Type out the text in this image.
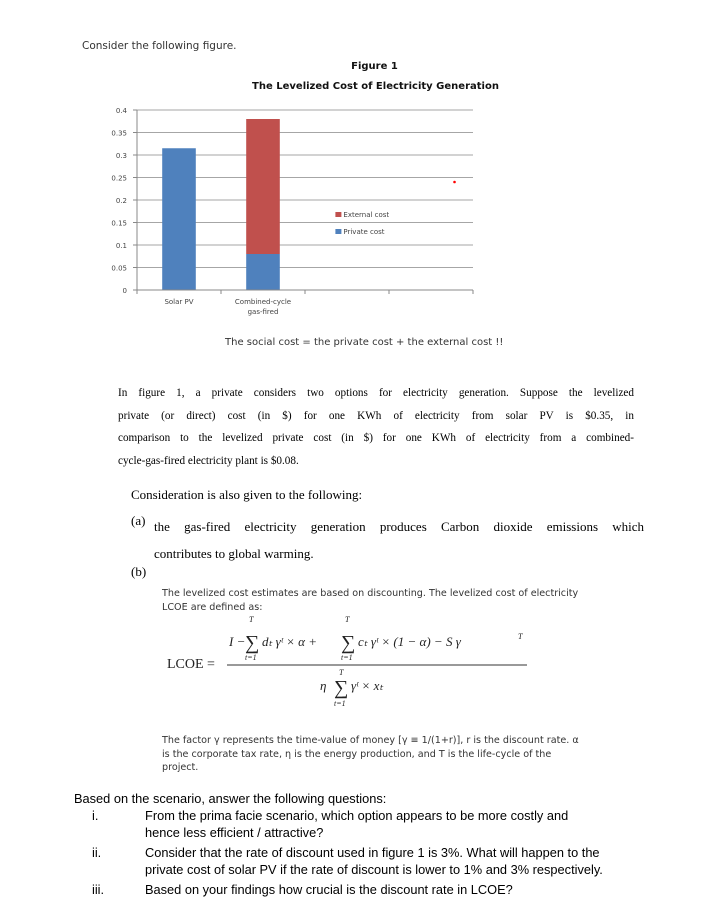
Consider the following figure.
Figure 1
The Levelized Cost of Electricity Generation
0
0.05
0.1
0.15
0.2
0.25
0.3
0.35
0.4
Solar PV	Combined-cycle
gas-fired
External cost
Private cost
The social cost = the private cost + the external cost !!
In figure 1, a private considers two options for electricity generation. Suppose the levelized
private (or direct) cost (in $) for one KWh of electricity from solar PV is $0.35, in
comparison to the levelized private cost (in $) for one KWh of electricity from a combined-
cycle-gas-fired electricity plant is $0.08.
Consideration is also given to the following:
(a) the gas-fired electricity generation produces Carbon dioxide emissions which
contributes to global warming.
(b)
The levelized cost estimates are based on discounting. The levelized cost of electricity
LCOE are defined as:
LCOE =
I −
T
∑
t=1
dₜ γᵗ × α +
T
∑
t=1
cₜ γᵗ × (1 − α) − S γ	T
η
T
∑
t=1
γᵗ × xₜ
The factor γ represents the time-value of money [γ ≡ 1/(1+r)], r is the discount rate. α
is the corporate tax rate, η is the energy production, and T is the life-cycle of the
project.
Based on the scenario, answer the following questions:
i.	From the prima facie scenario, which option appears to be more costly and
hence less efficient / attractive?
ii.	Consider that the rate of discount used in figure 1 is 3%. What will happen to the
private cost of solar PV if the rate of discount is lower to 1% and 3% respectively.
iii.	Based on your findings how crucial is the discount rate in LCOE?
